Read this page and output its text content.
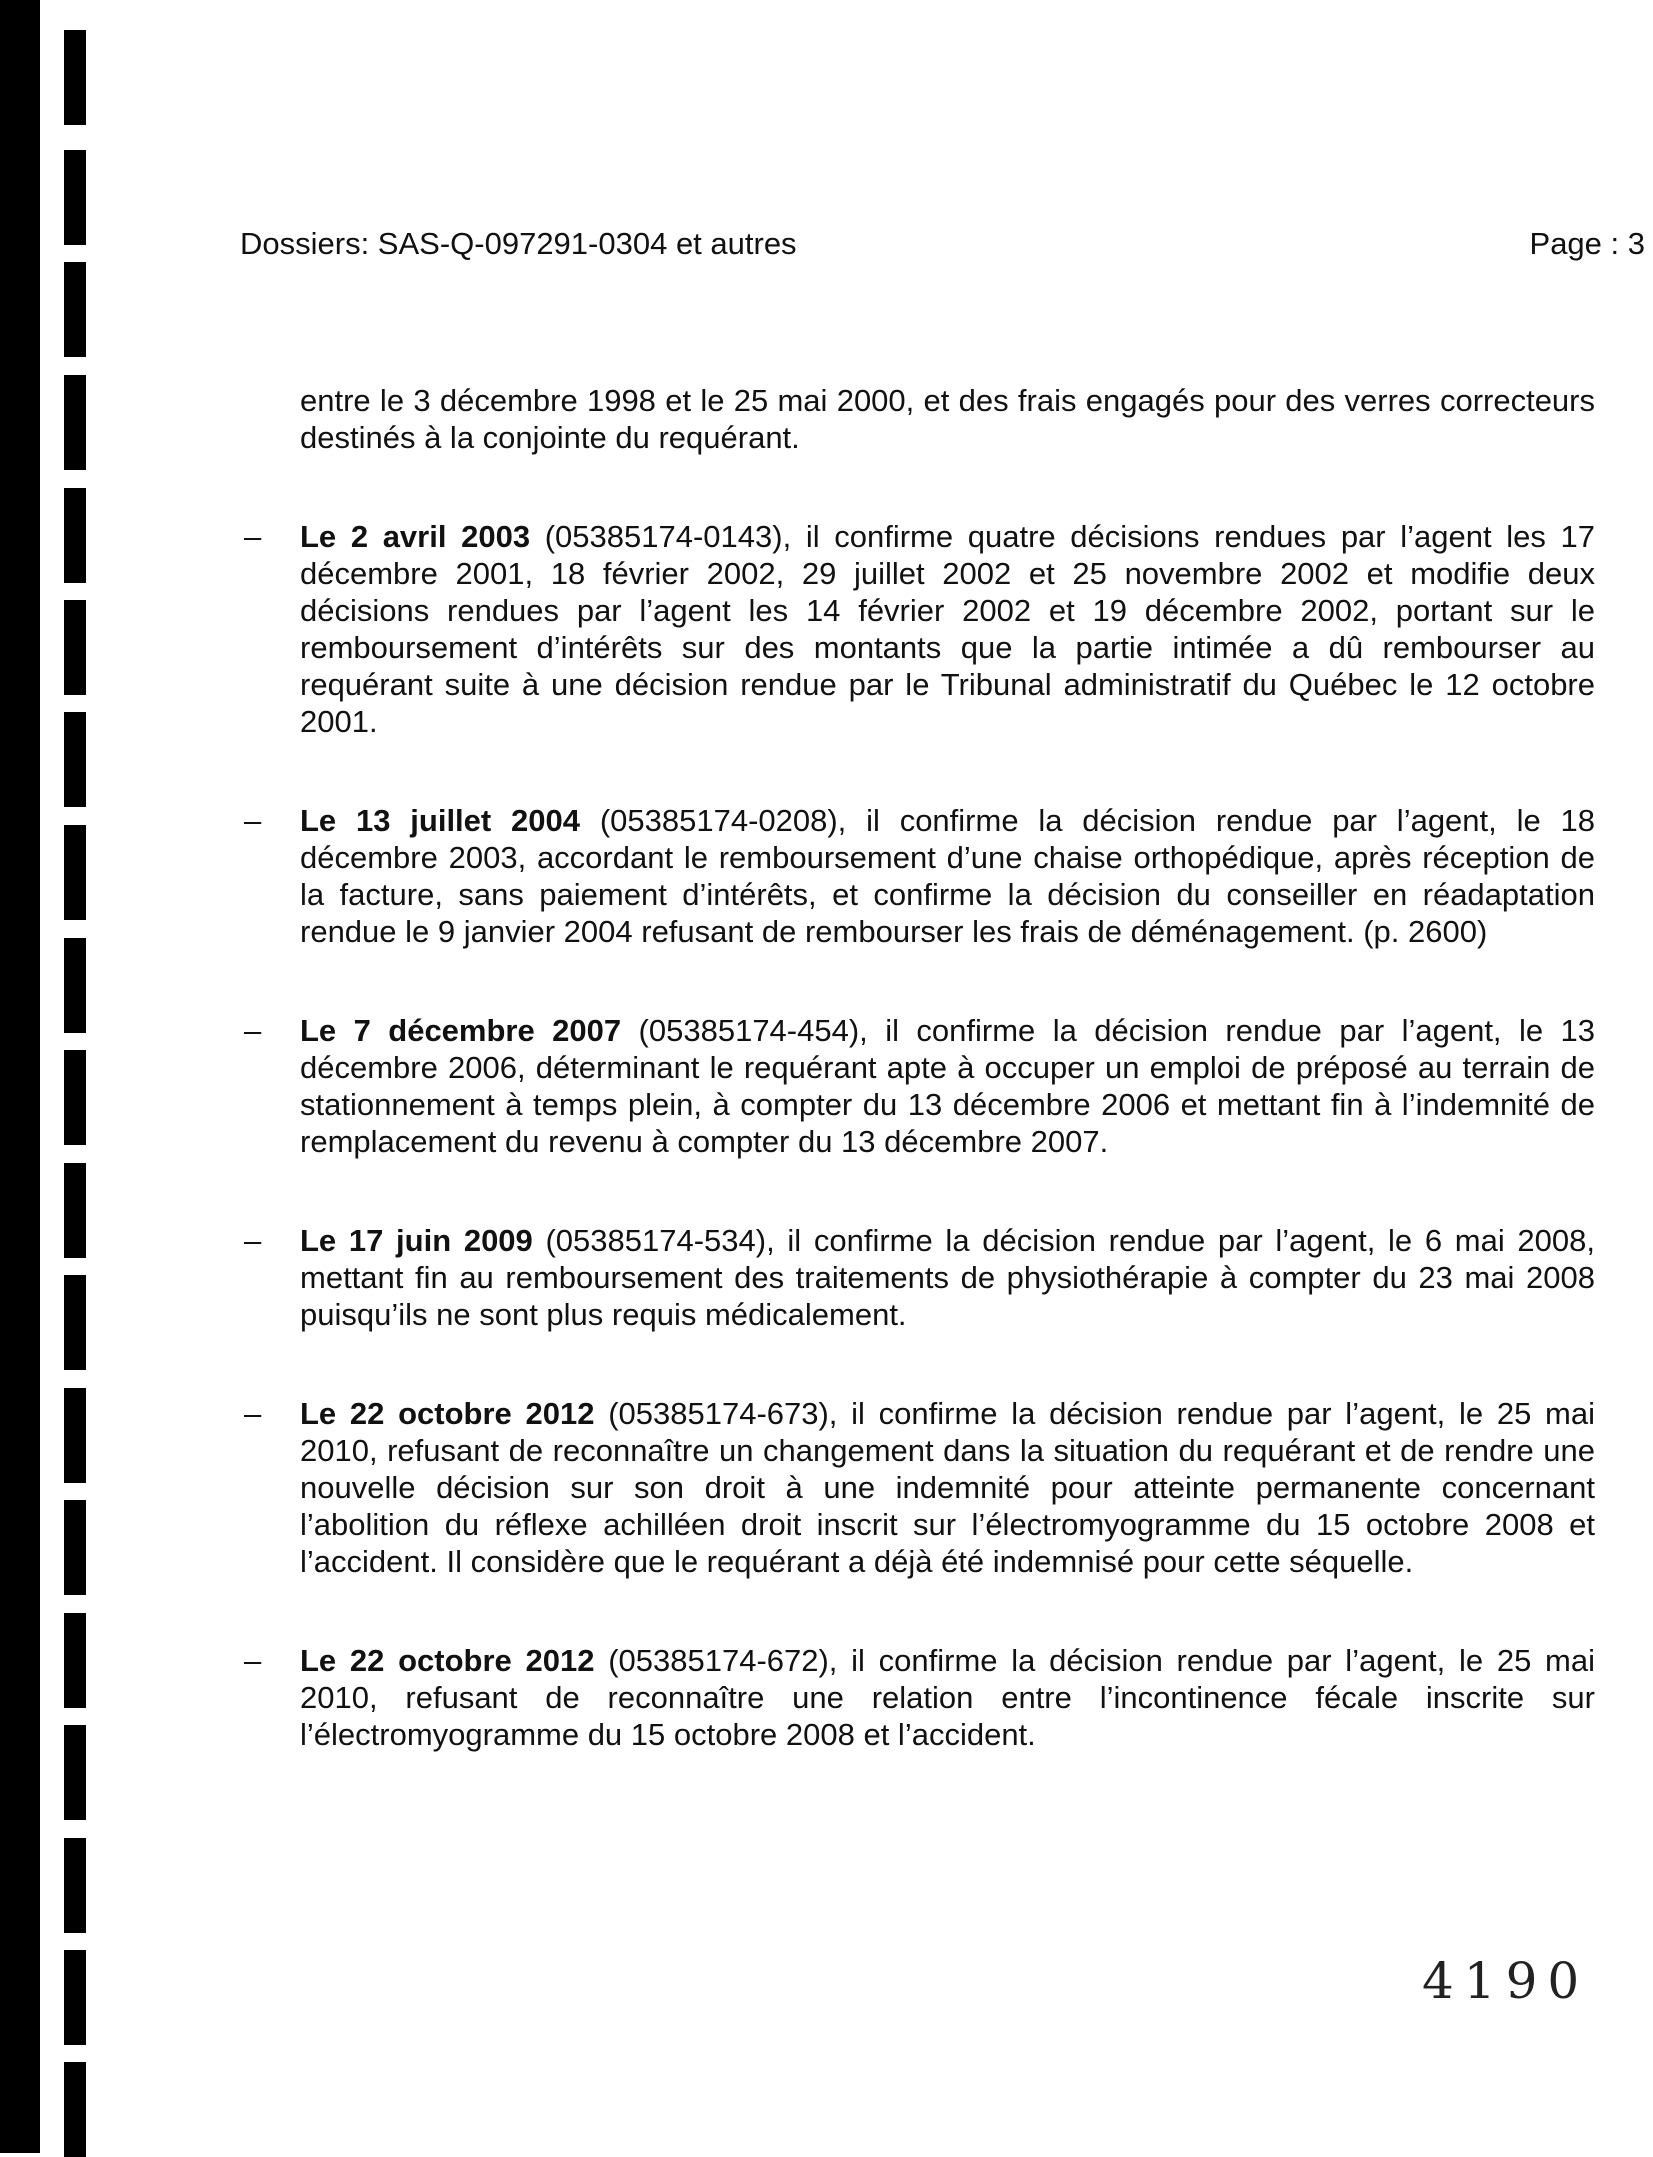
Dossiers: SAS-Q-097291-0304 et autres	Page : 3

entre le 3 décembre 1998 et le 25 mai 2000, et des frais engagés pour des verres correcteurs destinés à la conjointe du requérant.

– Le 2 avril 2003 (05385174-0143), il confirme quatre décisions rendues par l’agent les 17 décembre 2001, 18 février 2002, 29 juillet 2002 et 25 novembre 2002 et modifie deux décisions rendues par l’agent les 14 février 2002 et 19 décembre 2002, portant sur le remboursement d’intérêts sur des montants que la partie intimée a dû rembourser au requérant suite à une décision rendue par le Tribunal administratif du Québec le 12 octobre 2001.
– Le 13 juillet 2004 (05385174-0208), il confirme la décision rendue par l’agent, le 18 décembre 2003, accordant le remboursement d’une chaise orthopédique, après réception de la facture, sans paiement d’intérêts, et confirme la décision du conseiller en réadaptation rendue le 9 janvier 2004 refusant de rembourser les frais de déménagement. (p. 2600)
– Le 7 décembre 2007 (05385174-454), il confirme la décision rendue par l’agent, le 13 décembre 2006, déterminant le requérant apte à occuper un emploi de préposé au terrain de stationnement à temps plein, à compter du 13 décembre 2006 et mettant fin à l’indemnité de remplacement du revenu à compter du 13 décembre 2007.
– Le 17 juin 2009 (05385174-534), il confirme la décision rendue par l’agent, le 6 mai 2008, mettant fin au remboursement des traitements de physiothérapie à compter du 23 mai 2008 puisqu’ils ne sont plus requis médicalement.
– Le 22 octobre 2012 (05385174-673), il confirme la décision rendue par l’agent, le 25 mai 2010, refusant de reconnaître un changement dans la situation du requérant et de rendre une nouvelle décision sur son droit à une indemnité pour atteinte permanente concernant l’abolition du réflexe achilléen droit inscrit sur l’électromyogramme du 15 octobre 2008 et l’accident. Il considère que le requérant a déjà été indemnisé pour cette séquelle.
– Le 22 octobre 2012 (05385174-672), il confirme la décision rendue par l’agent, le 25 mai 2010, refusant de reconnaître une relation entre l’incontinence fécale inscrite sur l’électromyogramme du 15 octobre 2008 et l’accident.
4190
